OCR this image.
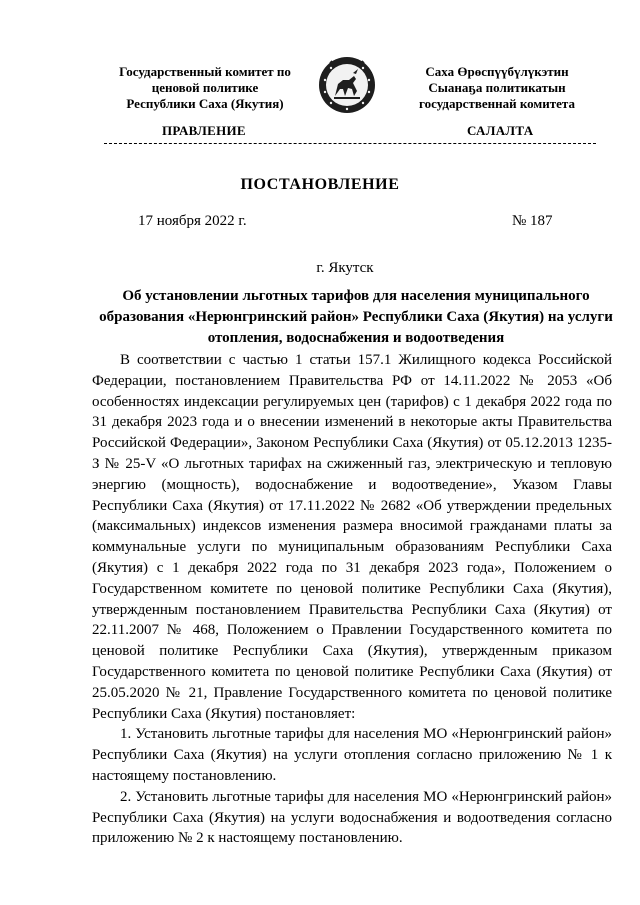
Государственный комитет по
ценовой политике
Республики Саха (Якутия)
Саха Өрөспүүбүлүкэтин
Сыанаҕа политикатын
государственнай комитета
ПРАВЛЕНИЕ	САЛАЛТА
ПОСТАНОВЛЕНИЕ
17 ноября 2022 г.	№ 187
г. Якутск
Об установлении льготных тарифов для населения муниципального образования «Нерюнгринский район» Республики Саха (Якутия) на услуги отопления, водоснабжения и водоотведения

В соответствии с частью 1 статьи 157.1 Жилищного кодекса Российской Федерации, постановлением Правительства РФ от 14.11.2022 № 2053 «Об особенностях индексации регулируемых цен (тарифов) с 1 декабря 2022 года по 31 декабря 2023 года и о внесении изменений в некоторые акты Правительства Российской Федерации», Законом Республики Саха (Якутия) от 05.12.2013 1235-З № 25-V «О льготных тарифах на сжиженный газ, электрическую и тепловую энергию (мощность), водоснабжение и водоотведение», Указом Главы Республики Саха (Якутия) от 17.11.2022 № 2682 «Об утверждении предельных (максимальных) индексов изменения размера вносимой гражданами платы за коммунальные услуги по муниципальным образованиям Республики Саха (Якутия) с 1 декабря 2022 года по 31 декабря 2023 года», Положением о Государственном комитете по ценовой политике Республики Саха (Якутия), утвержденным постановлением Правительства Республики Саха (Якутия) от 22.11.2007 № 468, Положением о Правлении Государственного комитета по ценовой политике Республики Саха (Якутия), утвержденным приказом Государственного комитета по ценовой политике Республики Саха (Якутия) от 25.05.2020 № 21, Правление Государственного комитета по ценовой политике Республики Саха (Якутия) постановляет:

1. Установить льготные тарифы для населения МО «Нерюнгринский район» Республики Саха (Якутия) на услуги отопления согласно приложению № 1 к настоящему постановлению.

2. Установить льготные тарифы для населения МО «Нерюнгринский район» Республики Саха (Якутия) на услуги водоснабжения и водоотведения согласно приложению № 2 к настоящему постановлению.
